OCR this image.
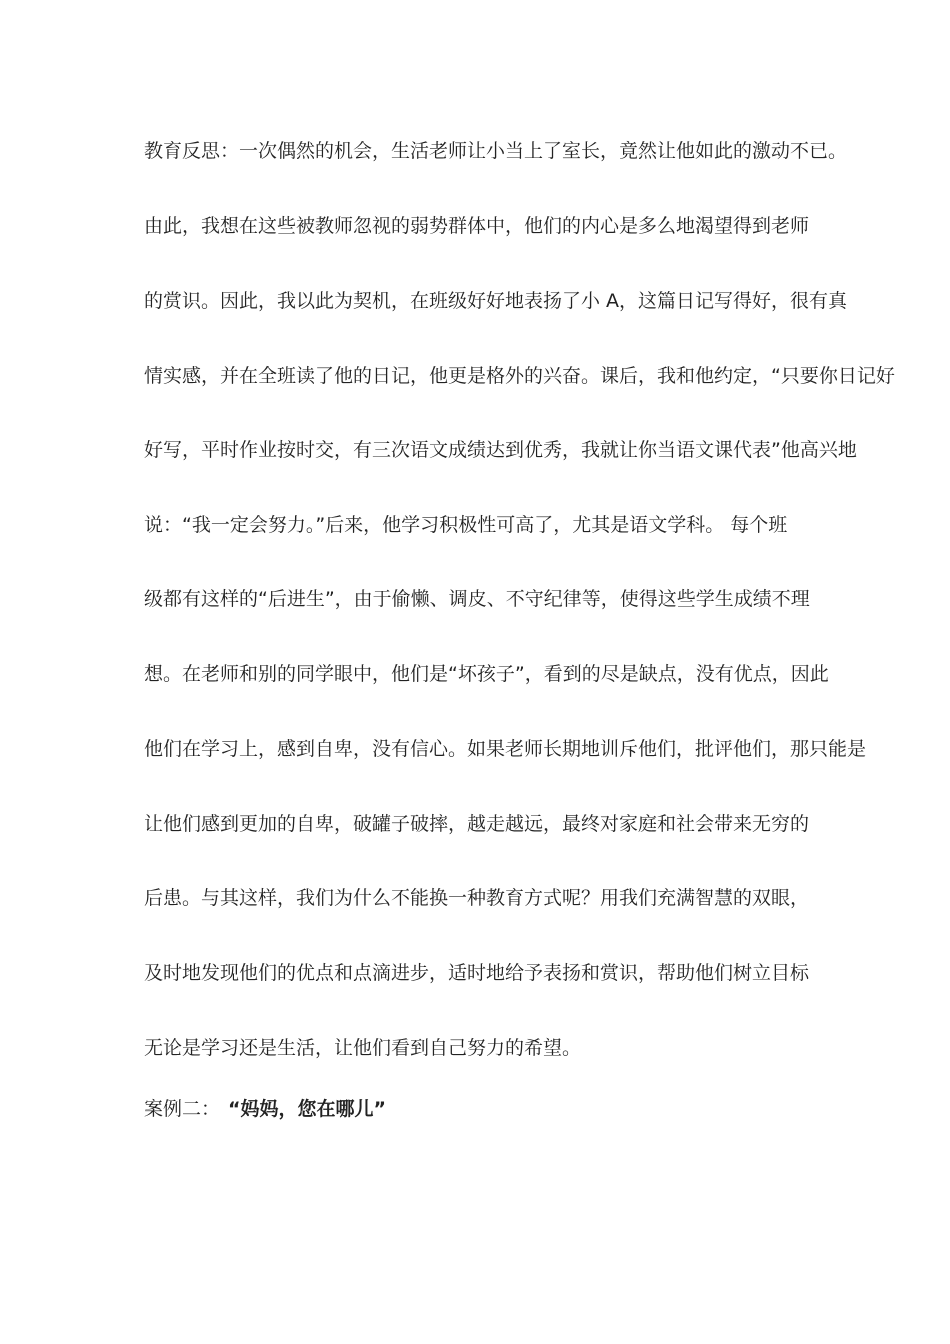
教育反思：一次偶然的机会，生活老师让小当上了室长，竟然让他如此的激动不已。
由此，我想在这些被教师忽视的弱势群体中，他们的内心是多么地渴望得到老师
的赏识。因此，我以此为契机，在班级好好地表扬了小 A，这篇日记写得好，很有真
情实感，并在全班读了他的日记，他更是格外的兴奋。课后，我和他约定，“只要你日记好
好写，平时作业按时交，有三次语文成绩达到优秀，我就让你当语文课代表”他高兴地
说：“我一定会努力。”后来，他学习积极性可高了，尤其是语文学科。 每个班
级都有这样的“后进生”，由于偷懒、调皮、不守纪律等，使得这些学生成绩不理
想。在老师和别的同学眼中，他们是“坏孩子”，看到的尽是缺点，没有优点，因此
他们在学习上，感到自卑，没有信心。如果老师长期地训斥他们，批评他们，那只能是
让他们感到更加的自卑，破罐子破摔，越走越远，最终对家庭和社会带来无穷的
后患。与其这样，我们为什么不能换一种教育方式呢？用我们充满智慧的双眼，
及时地发现他们的优点和点滴进步，适时地给予表扬和赏识，帮助他们树立目标
无论是学习还是生活，让他们看到自己努力的希望。
案例二： “妈妈，您在哪儿”
